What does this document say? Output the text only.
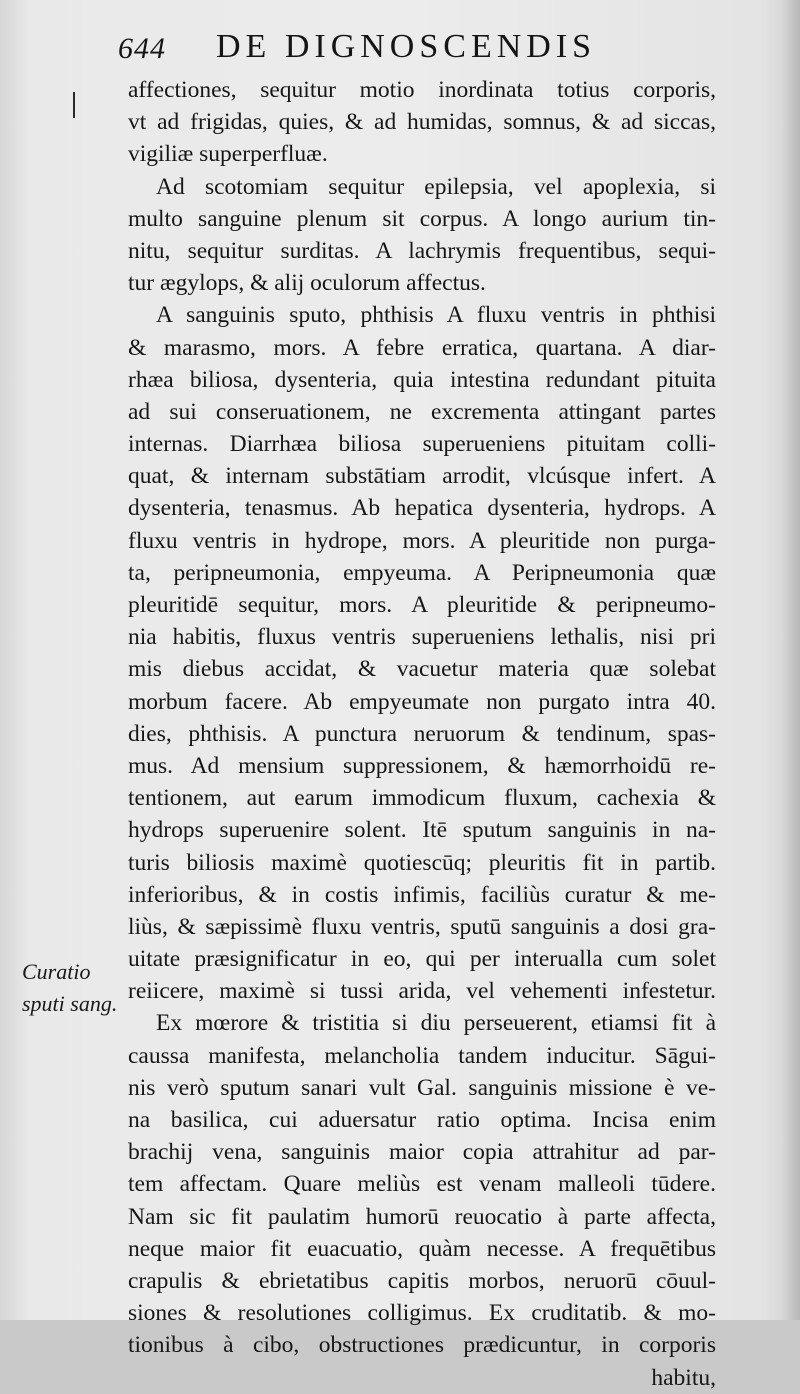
644 DE DIGNOSCENDIS
Curatio
sputi sang.
affectiones, sequitur motio inordinata totius corporis,
vt ad frigidas, quies, & ad humidas, somnus, & ad siccas,
vigiliæ superperfluæ.
Ad scotomiam sequitur epilepsia, vel apoplexia, si
multo sanguine plenum sit corpus. A longo aurium tin-
nitu, sequitur surditas. A lachrymis frequentibus, sequi-
tur ægylops, & alij oculorum affectus.
A sanguinis sputo, phthisis A fluxu ventris in phthisi
& marasmo, mors. A febre erratica, quartana. A diar-
rhæa biliosa, dysenteria, quia intestina redundant pituita
ad sui conseruationem, ne excrementa attingant partes
internas. Diarrhæa biliosa superueniens pituitam colli-
quat, & internam substātiam arrodit, vlcúsque infert. A
dysenteria, tenasmus. Ab hepatica dysenteria, hydrops. A
fluxu ventris in hydrope, mors. A pleuritide non purga-
ta, peripneumonia, empyeuma. A Peripneumonia quæ
pleuritidē sequitur, mors. A pleuritide & peripneumo-
nia habitis, fluxus ventris superueniens lethalis, nisi pri
mis diebus accidat, & vacuetur materia quæ solebat
morbum facere. Ab empyeumate non purgato intra 40.
dies, phthisis. A punctura neruorum & tendinum, spas-
mus. Ad mensium suppressionem, & hæmorrhoidū re-
tentionem, aut earum immodicum fluxum, cachexia &
hydrops superuenire solent. Itē sputum sanguinis in na-
turis biliosis maximè quotiescūq; pleuritis fit in partib.
inferioribus, & in costis infimis, faciliùs curatur & me-
liùs, & sæpissimè fluxu ventris, sputū sanguinis a dosi gra-
uitate præsignificatur in eo, qui per interualla cum solet
reiicere, maximè si tussi arida, vel vehementi infestetur.
Ex mœrore & tristitia si diu perseuerent, etiamsi fit à
caussa manifesta, melancholia tandem inducitur. Sāgui-
nis verò sputum sanari vult Gal. sanguinis missione è ve-
na basilica, cui aduersatur ratio optima. Incisa enim
brachij vena, sanguinis maior copia attrahitur ad par-
tem affectam. Quare meliùs est venam malleoli tūdere.
Nam sic fit paulatim humorū reuocatio à parte affecta,
neque maior fit euacuatio, quàm necesse. A frequētibus
crapulis & ebrietatibus capitis morbos, neruorū cōuul-
siones & resolutiones colligimus. Ex cruditatib. & mo-
tionibus à cibo, obstructiones prædicuntur, in corporis
habitu,
